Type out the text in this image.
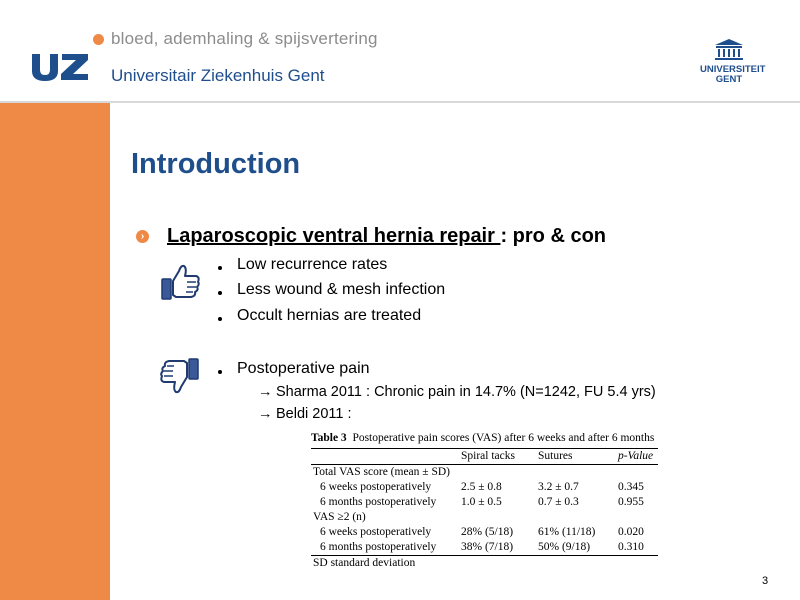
bloed, ademhaling & spijsvertering
Universitair Ziekenhuis Gent	UNIVERSITEIT
GENT
Introduction
› Laparoscopic ventral hernia repair : pro & con
Low recurrence rates
Less wound & mesh infection
Occult hernias are treated
Postoperative pain
→ Sharma 2011 : Chronic pain in 14.7% (N=1242, FU 5.4 yrs)
→ Beldi 2011 :
Table 3 Postoperative pain scores (VAS) after 6 weeks and after 6 months
Spiral tacks Sutures	p-Value
Total VAS score (mean ± SD)
6 weeks postoperatively	2.5 ± 0.8	3.2 ± 0.7	0.345
6 months postoperatively 1.0 ± 0.5	0.7 ± 0.3	0.955
VAS ≥2 (n)
6 weeks postoperatively	28% (5/18) 61% (11/18) 0.020
6 months postoperatively 38% (7/18) 50% (9/18) 0.310
SD standard deviation
3
